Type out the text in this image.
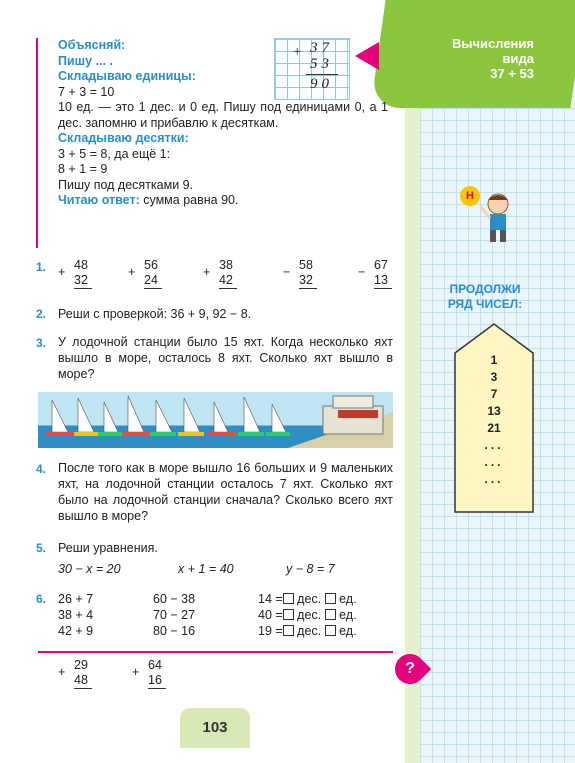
Вычисления
вида
37 + 53
Объясняй:
Пишу ... .
Складываю единицы:
7 + 3 = 10
10 ед. — это 1 дес. и 0 ед. Пишу под единицами 0, а 1 дес. запомню и прибавлю к десяткам.
Складываю десятки:
3 + 5 = 8, да ещё 1:
8 + 1 = 9
Пишу под десятками 9.
Читаю ответ: сумма равна 90.
+ 37
53
90
1. + 48
32
+ 56
24
+ 38
42
− 58
32
− 67
13
2. Реши с проверкой: 36 + 9, 92 − 8.
3. У лодочной станции было 15 яхт. Когда несколько яхт вышло в море, осталось 8 яхт. Сколько яхт вышло в море?
4. После того как в море вышло 16 больших и 9 маленьких яхт, на лодочной станции осталось 7 яхт. Сколько яхт было на лодочной станции сначала? Сколько всего яхт вышло в море?
5. Реши уравнения.
30 − x = 20	x + 1 = 40	y − 8 = 7
6. 26 + 7
38 + 4
42 + 9
60 − 38
70 − 27
80 − 16
14 = дес. ед.
40 = дес. ед.
19 = дес. ед.
?
+ 29
48
+ 64
16
103
Н
ПРОДОЛЖИ
РЯД ЧИСЕЛ:
1
3
7
13
21
...
...
...
